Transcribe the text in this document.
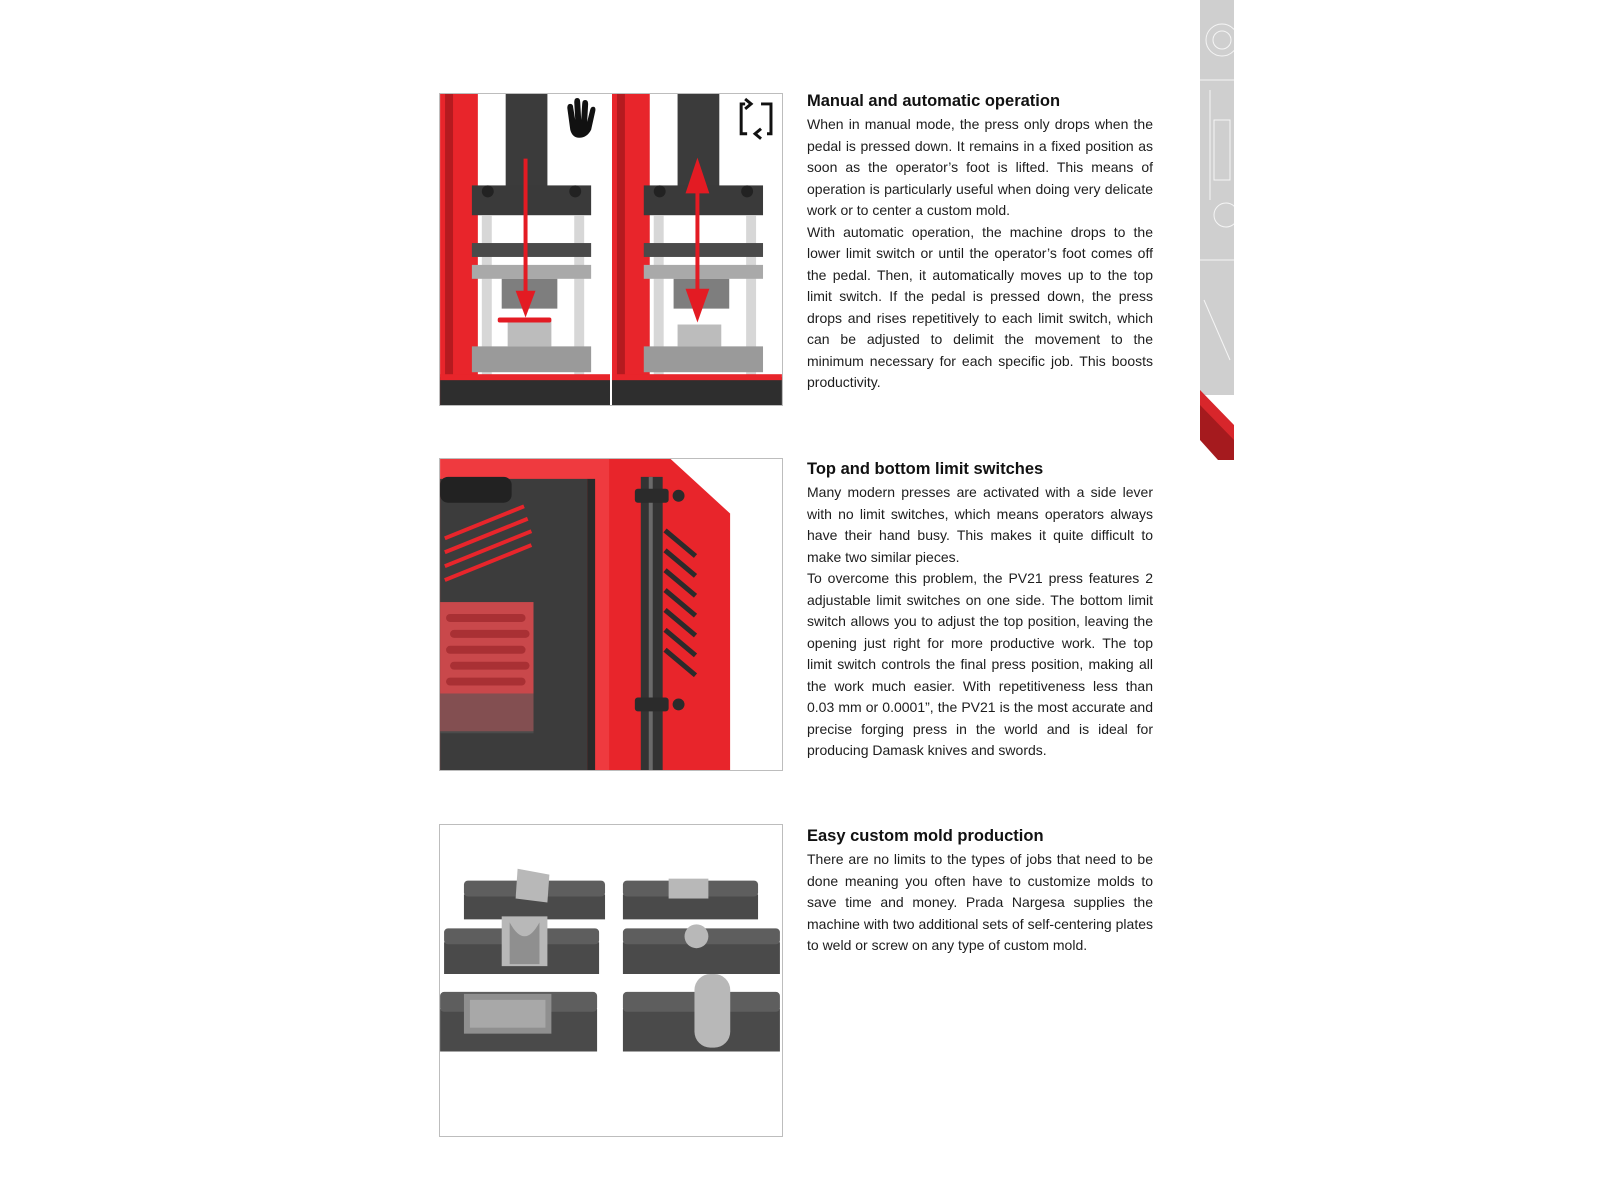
Manual and automatic operation

When in manual mode, the press only drops when the pedal is pressed down. It remains in a fixed position as soon as the operator’s foot is lifted. This means of operation is particularly useful when doing very delicate work or to center a custom mold.

With automatic operation, the machine drops to the lower limit switch or until the operator’s foot comes off the pedal. Then, it automatically moves up to the top limit switch. If the pedal is pressed down, the press drops and rises repetitively to each limit switch, which can be adjusted to delimit the movement to the minimum necessary for each specific job. This boosts productivity.

Top and bottom limit switches

Many modern presses are activated with a side lever with no limit switches, which means operators always have their hand busy. This makes it quite difficult to make two similar pieces.

To overcome this problem, the PV21 press features 2 adjustable limit switches on one side. The bottom limit switch allows you to adjust the top position, leaving the opening just right for more productive work. The top limit switch controls the final press position, making all the work much easier. With repetitiveness less than 0.03 mm or 0.0001”, the PV21 is the most accurate and precise forging press in the world and is ideal for producing Damask knives and swords.

Easy custom mold production

There are no limits to the types of jobs that need to be done meaning you often have to customize molds to save time and money. Prada Nargesa supplies the machine with two additional sets of self-centering plates to weld or screw on any type of custom mold.
